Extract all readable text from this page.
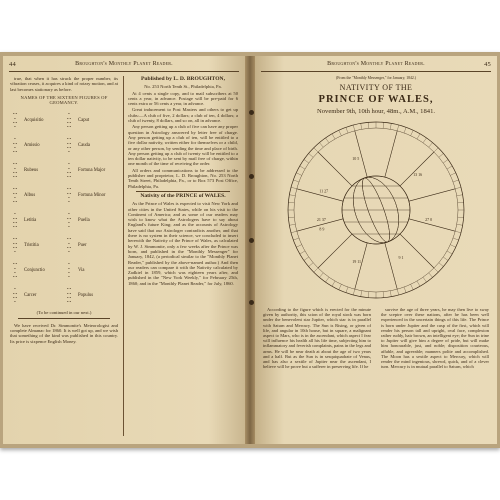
44	Broughton's Monthly Planet Reader.

true, that when it has struck the proper number, its vibration ceases, it acquires a kind of rotary motion, and at last becomes stationary as before.

NAMES OF THE SIXTEEN FIGURES OF GEOMANCY.
• •
•
• •
•
Acquisitio
•
• •
• •
• •
Caput
•
• •
•
• •
Amissio
• •
• •
• •
•
Cauda
• •
•
• •
• •
Rubeus
•
•
• •
• •
Fortuna Major
• •
• •
•
• •
Albus
• •
• •
•
•
Fortuna Minor
•
• •
• •
• •
Letitia
•
• •
•
•
Puella
• •
• •
• •
•
Tristitia
• •
•
• •
•
Puer
• •
•
•
• •
Conjunctio
•
•
•
•
Via
•
• •
• •
•
Carcer
• •
• •
• •
• •
Populus

(To be continued in our next.)

We have received Dr. Simmonite's Meteorologist and complete Almanac for 1860. It is well got up, and we wish that something of the kind was published in this country. Its price is sixpence English Money.

Published by L. D. BROUGHTON,
No. 253 North Tenth St., Philadelphia, Pa.

At 4 cents a single copy, and to mail subscribers at 50 cents a year, in advance. Postage will be pre-paid for 6 cents extra or 56 cents a year, in advance.

Great inducement to Post Masters and others to get up clubs:—A club of five, 2 dollars; a club of ten, 4 dollars; a club of twenty, 8 dollars, and so on, all in advance.

Any person getting up a club of five can have any proper question in Astrology answered by letter free of charge. Any person getting up a club of ten, will be entitled to a five dollar nativity, written either for themselves or a child, or any other person, by sending the time and place of birth. Any person getting up a club of twenty will be entitled to a ten dollar nativity, to be sent by mail free of charge, within one month of the time of receiving the order.

All orders and communications to be addressed to the publisher and proprietor, L. D. Broughton, No. 253 North Tenth Street, Philadelphia, Pa., or to Box 573 Post Office, Philadelphia, Pa.

Nativity of the PRINCE of WALES.

As the Prince of Wales is expected to visit New York and other cities in the United States, while on his visit to the Continent of America; and as some of our readers may wish to know what the Astrologers have to say about England's future King; and as the accounts of Astrology have said that our Astrologer contradicts another, and that there is no system in their science, we concluded to insert herewith the Nativity of the Prince of Wales, as calculated by W. J. Simmonite, only a few weeks after the Prince was born, and published in the "Monthly Messenger" for January, 1842, (a periodical similar to the "Monthly Planet Reader," published by the above-named author.) And then our readers can compare it with the Nativity calculated by Zadkiel in 1859, which was eighteen years after, and published in the "New York Weekly," for February 25th, 1860; and in the "Monthly Planet Reader," for July, 1860.

Broughton's Monthly Planet Reader.	45
(From the "Monthly Messenger," for January, 1842.)
NATIVITY OF THE
PRINCE OF WALES,
November 9th, 10th hour, 48m., A.M., 1841.
11 27
21 37
8 9
19 11
9 1
27 0
13 16
10 5

According to the figure which is erected for the minute given by authority, this scion of the royal stock was born under the benevolent star Jupiter, which star is in parallel with Saturn and Mercury. The Sun is Rising, or given of life, and angular in 10th house, but in square, a malignant aspect to Mars, who is in the ascendant, which aspect I fear will influence his health all his life time, subjecting him to inflammatory and feverish complaints, pains in the legs and arms. He will be near death at about the age of two years and a half. But as the Sun is in sesquiquadrate of Venus, and has also a sextile of Jupiter near the ascendant, I believe will he prove but a sufferer in preserving life. If he

survive the age of three years, he may then live to sway the sceptre over these nations, after he has been well experienced in the uncertain things of this life. The Prince is born under Jupiter and the cusp of the first, which will render his person tall and upright, oval face, complexion rather ruddy, hair brown, an intelligent eye; the Sun in trine to Jupiter will give him a degree of pride, but will make him honourable, just, and noble; disposition courteous, affable, and agreeable; manners polite and accomplished. The Moon has a sextile aspect to Mercury, which will render the mind ingenious, shrewd, quick, and of a clever turn. Mercury is in mutual parallel to Saturn, which
